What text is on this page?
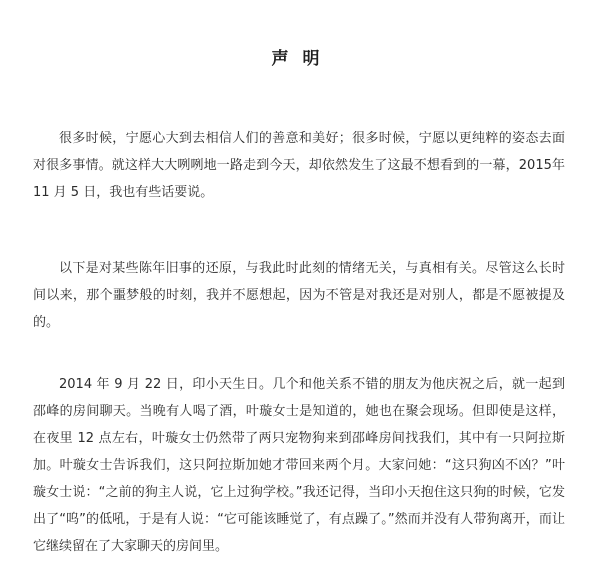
声 明

很多时候，宁愿心大到去相信人们的善意和美好；很多时候，宁愿以更纯粹的姿态去面对很多事情。就这样大大咧咧地一路走到今天，却依然发生了这最不想看到的一幕，2015年 11 月 5 日，我也有些话要说。

以下是对某些陈年旧事的还原，与我此时此刻的情绪无关，与真相有关。尽管这么长时间以来，那个噩梦般的时刻，我并不愿想起，因为不管是对我还是对别人，都是不愿被提及的。

2014 年 9 月 22 日，印小天生日。几个和他关系不错的朋友为他庆祝之后，就一起到邵峰的房间聊天。当晚有人喝了酒，叶璇女士是知道的，她也在聚会现场。但即使是这样，在夜里 12 点左右，叶璇女士仍然带了两只宠物狗来到邵峰房间找我们，其中有一只阿拉斯加。叶璇女士告诉我们，这只阿拉斯加她才带回来两个月。大家问她：“这只狗凶不凶？”叶璇女士说：“之前的狗主人说，它上过狗学校。”我还记得，当印小天抱住这只狗的时候，它发出了“呜”的低吼，于是有人说：“它可能该睡觉了，有点躁了。”然而并没有人带狗离开，而让它继续留在了大家聊天的房间里。
